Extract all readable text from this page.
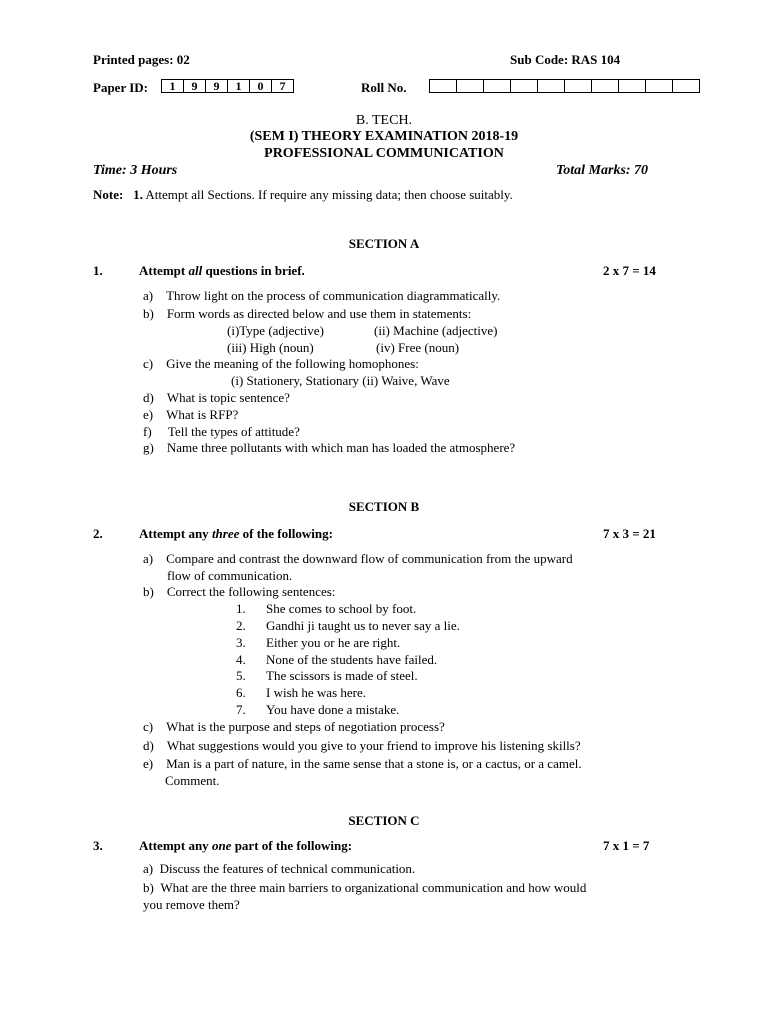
Printed pages: 02	Sub Code: RAS 104
Paper ID:	1	9	9	1	0	7	Roll No.
B. TECH.
(SEM I) THEORY EXAMINATION 2018-19
PROFESSIONAL COMMUNICATION
Time: 3 Hours	Total Marks: 70
Note: 1. Attempt all Sections. If require any missing data; then choose suitably.
SECTION A
1.	Attempt all questions in brief.	2 x 7 = 14
a)    Throw light on the process of communication diagrammatically.
b)    Form words as directed below and use them in statements:
(i)Type (adjective)	(ii) Machine (adjective)
(iii) High (noun)	(iv) Free (noun)
c)    Give the meaning of the following homophones:
(i) Stationery, Stationary (ii) Waive, Wave
d)    What is topic sentence?
e)    What is RFP?
f)     Tell the types of attitude?
g)    Name three pollutants with which man has loaded the atmosphere?
SECTION B
2.	Attempt any three of the following:	7 x 3 = 21
a)    Compare and contrast the downward flow of communication from the upward
flow of communication.
b)    Correct the following sentences:
1. She comes to school by foot.
2. Gandhi ji taught us to never say a lie.
3. Either you or he are right.
4. None of the students have failed.
5. The scissors is made of steel.
6. I wish he was here.
7. You have done a mistake.
c)    What is the purpose and steps of negotiation process?
d)    What suggestions would you give to your friend to improve his listening skills?
e)    Man is a part of nature, in the same sense that a stone is, or a cactus, or a camel.
Comment.
SECTION C
3.	Attempt any one part of the following:	7 x 1 = 7
a)  Discuss the features of technical communication.
b)  What are the three main barriers to organizational communication and how would
you remove them?
